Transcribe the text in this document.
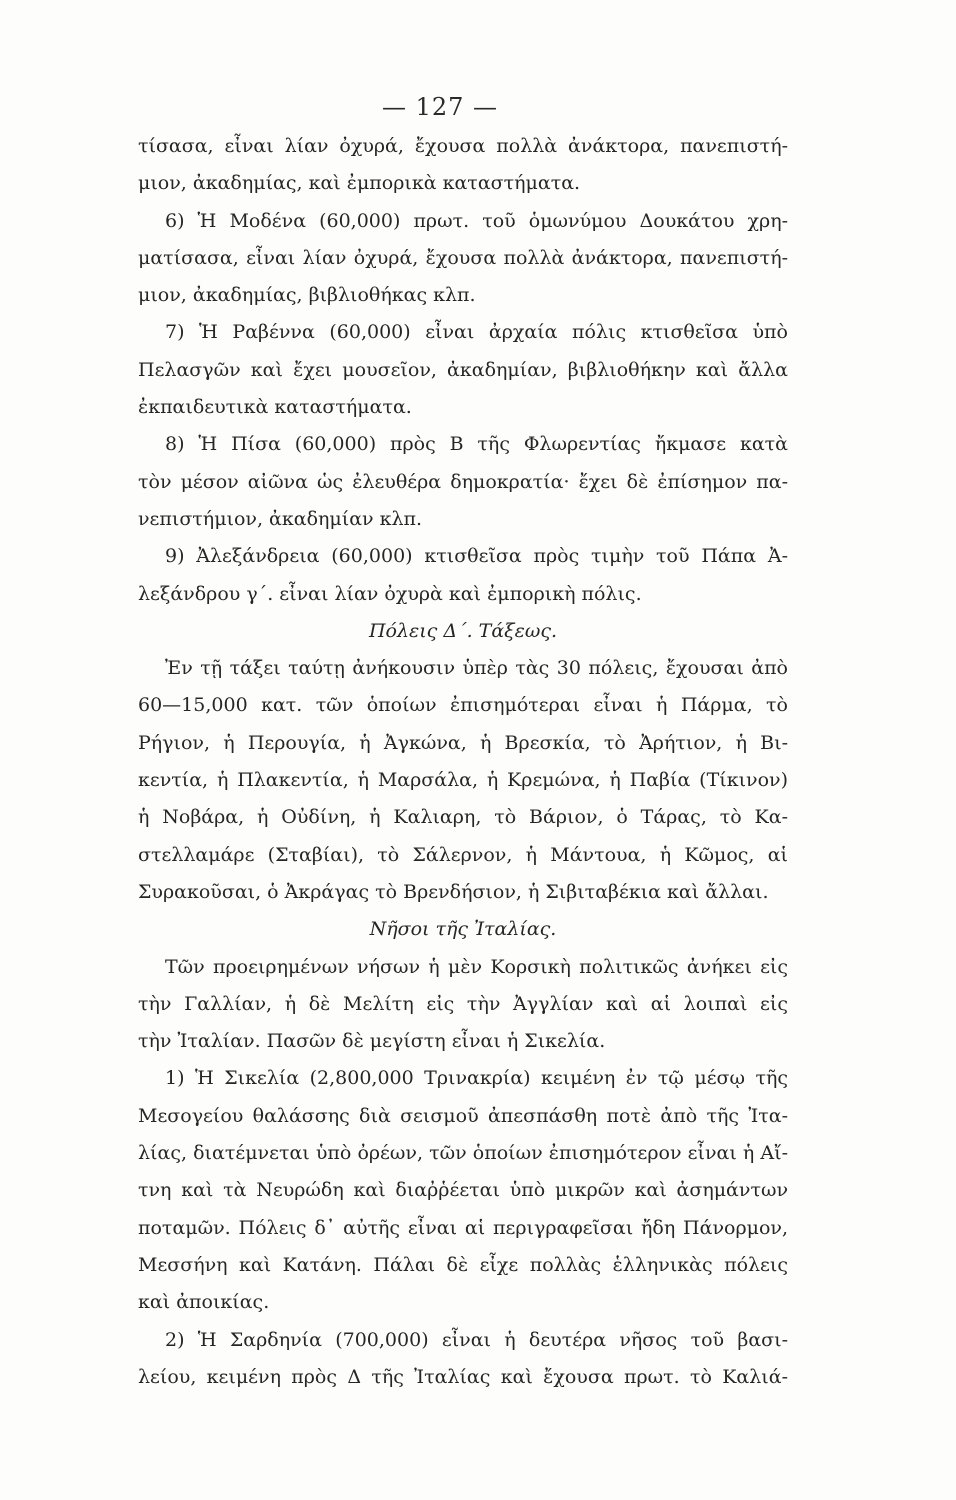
— 127 —
τίσασα, εἶναι λίαν ὀχυρά, ἔχουσα πολλὰ ἀνάκτορα, πανεπιστή-
μιον, ἀκαδημίας, καὶ ἐμπορικὰ καταστήματα.
6) Ἡ Μοδένα (60,000) πρωτ. τοῦ ὁμωνύμου Δουκάτου χρη-
ματίσασα, εἶναι λίαν ὀχυρά, ἔχουσα πολλὰ ἀνάκτορα, πανεπιστή-
μιον, ἀκαδημίας, βιβλιοθήκας κλπ.
7) Ἡ Ραβέννα (60,000) εἶναι ἀρχαία πόλις κτισθεῖσα ὑπὸ
Πελασγῶν καὶ ἔχει μουσεῖον, ἀκαδημίαν, βιβλιοθήκην καὶ ἄλλα
ἐκπαιδευτικὰ καταστήματα.
8) Ἡ Πίσα (60,000) πρὸς Β τῆς Φλωρεντίας ἤκμασε κατὰ
τὸν μέσον αἰῶνα ὡς ἐλευθέρα δημοκρατία· ἔχει δὲ ἐπίσημον πα-
νεπιστήμιον, ἀκαδημίαν κλπ.
9) Ἀλεξάνδρεια (60,000) κτισθεῖσα πρὸς τιμὴν τοῦ Πάπα Ἀ-
λεξάνδρου γ΄. εἶναι λίαν ὀχυρὰ καὶ ἐμπορικὴ πόλις.
Πόλεις Δ΄. Τάξεως.
Ἐν τῇ τάξει ταύτῃ ἀνήκουσιν ὑπὲρ τὰς 30 πόλεις, ἔχουσαι ἀπὸ
60—15,000 κατ. τῶν ὁποίων ἐπισημότεραι εἶναι ἡ Πάρμα, τὸ
Ρήγιον, ἡ Περουγία, ἡ Ἀγκώνα, ἡ Βρεσκία, τὸ Ἀρήτιον, ἡ Βι-
κεντία, ἡ Πλακεντία, ἡ Μαρσάλα, ἡ Κρεμώνα, ἡ Παβία (Τίκινον)
ἡ Νοβάρα, ἡ Οὐδίνη, ἡ Καλιαρη, τὸ Βάριον, ὁ Τάρας, τὸ Κα-
στελλαμάρε (Σταβίαι), τὸ Σάλερνον, ἡ Μάντουα, ἡ Κῶμος, αἱ
Συρακοῦσαι, ὁ Ἀκράγας τὸ Βρενδήσιον, ἡ Σιβιταβέκια καὶ ἄλλαι.
Νῆσοι τῆς Ἰταλίας.
Τῶν προειρημένων νήσων ἡ μὲν Κορσικὴ πολιτικῶς ἀνήκει εἰς
τὴν Γαλλίαν, ἡ δὲ Μελίτη εἰς τὴν Ἀγγλίαν καὶ αἱ λοιπαὶ εἰς
τὴν Ἰταλίαν. Πασῶν δὲ μεγίστη εἶναι ἡ Σικελία.
1) Ἡ Σικελία (2,800,000 Τρινακρία) κειμένη ἐν τῷ μέσῳ τῆς
Μεσογείου θαλάσσης διὰ σεισμοῦ ἀπεσπάσθη ποτὲ ἀπὸ τῆς Ἰτα-
λίας, διατέμνεται ὑπὸ ὀρέων, τῶν ὁποίων ἐπισημότερον εἶναι ἡ Αἴ-
τνη καὶ τὰ Νευρώδη καὶ διαῤῥέεται ὑπὸ μικρῶν καὶ ἀσημάντων
ποταμῶν. Πόλεις δ᾽ αὐτῆς εἶναι αἱ περιγραφεῖσαι ἤδη Πάνορμον,
Μεσσήνη καὶ Κατάνη. Πάλαι δὲ εἶχε πολλὰς ἑλληνικὰς πόλεις
καὶ ἀποικίας.
2) Ἡ Σαρδηνία (700,000) εἶναι ἡ δευτέρα νῆσος τοῦ βασι-
λείου, κειμένη πρὸς Δ τῆς Ἰταλίας καὶ ἔχουσα πρωτ. τὸ Καλιά-
